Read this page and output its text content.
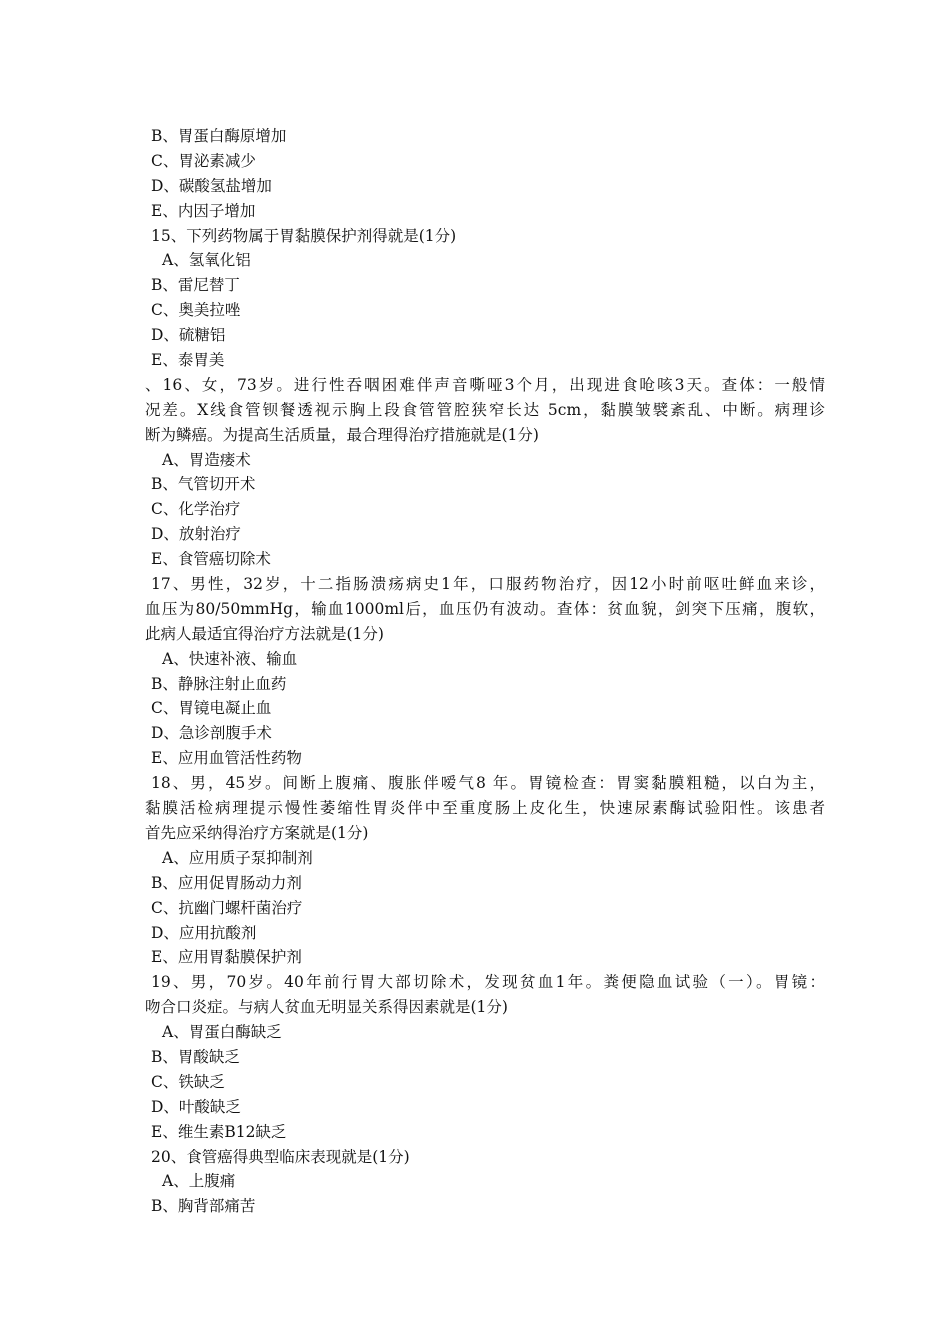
B、胃蛋白酶原增加
C、胃泌素减少
D、碳酸氢盐增加
E、内因子增加
15、下列药物属于胃黏膜保护剂得就是(1分)
A、氢氧化铝
B、雷尼替丁
C、奥美拉唑
D、硫糖铝
E、泰胃美
、16、女，73岁。进行性吞咽困难伴声音嘶哑3个月，出现进食呛咳3天。查体：一般情
况差。X线食管钡餐透视示胸上段食管管腔狭窄长达 5cm，黏膜皱襞紊乱、中断。病理诊
断为鳞癌。为提高生活质量，最合理得治疗措施就是(1分)
A、胃造瘘术
B、气管切开术
C、化学治疗
D、放射治疗
E、食管癌切除术
17、男性，32岁，十二指肠溃疡病史1年，口服药物治疗，因12小时前呕吐鲜血来诊，
血压为80/50mmHg，输血1000ml后，血压仍有波动。查体：贫血貌，剑突下压痛，腹软，
此病人最适宜得治疗方法就是(1分)
A、快速补液、输血
B、静脉注射止血药
C、胃镜电凝止血
D、急诊剖腹手术
E、应用血管活性药物
18、男，45岁。间断上腹痛、腹胀伴嗳气8 年。胃镜检查：胃窦黏膜粗糙，以白为主，
黏膜活检病理提示慢性萎缩性胃炎伴中至重度肠上皮化生，快速尿素酶试验阳性。该患者
首先应采纳得治疗方案就是(1分)
A、应用质子泵抑制剂
B、应用促胃肠动力剂
C、抗幽门螺杆菌治疗
D、应用抗酸剂
E、应用胃黏膜保护剂
19、男，70岁。40年前行胃大部切除术，发现贫血1年。粪便隐血试验（一）。胃镜：
吻合口炎症。与病人贫血无明显关系得因素就是(1分)
A、胃蛋白酶缺乏
B、胃酸缺乏
C、铁缺乏
D、叶酸缺乏
E、维生素B12缺乏
20、食管癌得典型临床表现就是(1分)
A、上腹痛
B、胸背部痛苦
